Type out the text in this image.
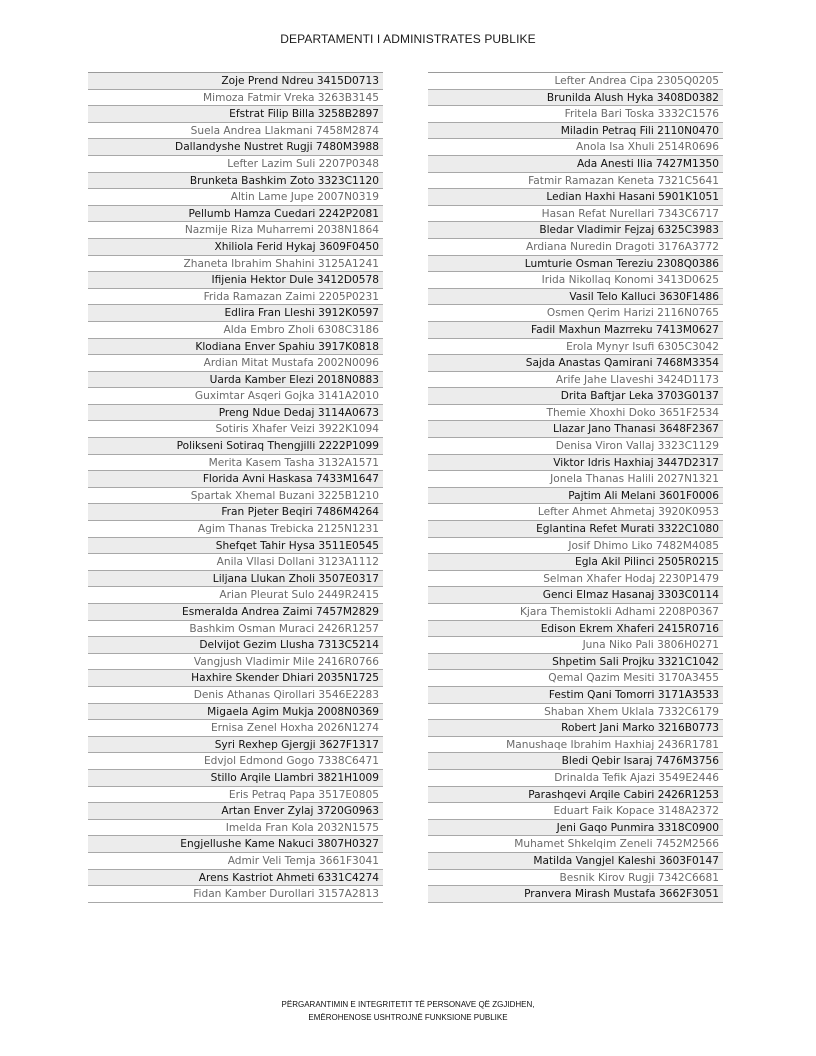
DEPARTAMENTI I ADMINISTRATES PUBLIKE
Zoje Prend Ndreu 3415D0713
Mimoza Fatmir Vreka 3263B3145
Efstrat Filip Billa 3258B2897
Suela Andrea Llakmani 7458M2874
Dallandyshe Nustret Rugji 7480M3988
Lefter Lazim Suli 2207P0348
Brunketa Bashkim Zoto 3323C1120
Altin Lame Jupe 2007N0319
Pellumb Hamza Cuedari 2242P2081
Nazmije Riza Muharremi 2038N1864
Xhiliola Ferid Hykaj 3609F0450
Zhaneta Ibrahim Shahini 3125A1241
Ifijenia Hektor Dule 3412D0578
Frida Ramazan Zaimi 2205P0231
Edlira Fran Lleshi 3912K0597
Alda Embro Zholi 6308C3186
Klodiana Enver Spahiu 3917K0818
Ardian Mitat Mustafa 2002N0096
Uarda Kamber Elezi 2018N0883
Guximtar Asqeri Gojka 3141A2010
Preng Ndue Dedaj 3114A0673
Sotiris Xhafer Veizi 3922K1094
Polikseni Sotiraq Thengjilli 2222P1099
Merita Kasem Tasha 3132A1571
Florida Avni Haskasa 7433M1647
Spartak Xhemal Buzani 3225B1210
Fran Pjeter Beqiri 7486M4264
Agim Thanas Trebicka 2125N1231
Shefqet Tahir Hysa 3511E0545
Anila Vllasi Dollani 3123A1112
Liljana Llukan Zholi 3507E0317
Arian Pleurat Sulo 2449R2415
Esmeralda Andrea Zaimi 7457M2829
Bashkim Osman Muraci 2426R1257
Delvijot Gezim Llusha 7313C5214
Vangjush Vladimir Mile 2416R0766
Haxhire Skender Dhiari 2035N1725
Denis Athanas Qirollari 3546E2283
Migaela Agim Mukja 2008N0369
Ernisa Zenel Hoxha 2026N1274
Syri Rexhep Gjergji 3627F1317
Edvjol Edmond Gogo 7338C6471
Stillo Arqile Llambri 3821H1009
Eris Petraq Papa 3517E0805
Artan Enver Zylaj 3720G0963
Imelda Fran Kola 2032N1575
Engjellushe Kame Nakuci 3807H0327
Admir Veli Temja 3661F3041
Arens Kastriot Ahmeti 6331C4274
Fidan Kamber Durollari 3157A2813
Lefter Andrea Cipa 2305Q0205
Brunilda Alush Hyka 3408D0382
Fritela Bari Toska 3332C1576
Miladin Petraq Fili 2110N0470
Anola Isa Xhuli 2514R0696
Ada Anesti Ilia 7427M1350
Fatmir Ramazan Keneta 7321C5641
Ledian Haxhi Hasani 5901K1051
Hasan Refat Nurellari 7343C6717
Bledar Vladimir Fejzaj 6325C3983
Ardiana Nuredin Dragoti 3176A3772
Lumturie Osman Tereziu 2308Q0386
Irida Nikollaq Konomi 3413D0625
Vasil Telo Kalluci 3630F1486
Osmen Qerim Harizi 2116N0765
Fadil Maxhun Mazrreku 7413M0627
Erola Mynyr Isufi 6305C3042
Sajda Anastas Qamirani 7468M3354
Arife Jahe Llaveshi 3424D1173
Drita Baftjar Leka 3703G0137
Themie Xhoxhi Doko 3651F2534
Llazar Jano Thanasi 3648F2367
Denisa Viron Vallaj 3323C1129
Viktor Idris Haxhiaj 3447D2317
Jonela Thanas Halili 2027N1321
Pajtim Ali Melani 3601F0006
Lefter Ahmet Ahmetaj 3920K0953
Eglantina Refet Murati 3322C1080
Josif Dhimo Liko 7482M4085
Egla Akil Pilinci 2505R0215
Selman Xhafer Hodaj 2230P1479
Genci Elmaz Hasanaj 3303C0114
Kjara Themistokli Adhami 2208P0367
Edison Ekrem Xhaferi 2415R0716
Juna Niko Pali 3806H0271
Shpetim Sali Projku 3321C1042
Qemal Qazim Mesiti 3170A3455
Festim Qani Tomorri 3171A3533
Shaban Xhem Uklala 7332C6179
Robert Jani Marko 3216B0773
Manushaqe Ibrahim Haxhiaj 2436R1781
Bledi Qebir Isaraj 7476M3756
Drinalda Tefik Ajazi 3549E2446
Parashqevi Arqile Cabiri 2426R1253
Eduart Faik Kopace 3148A2372
Jeni Gaqo Punmira 3318C0900
Muhamet Shkelqim Zeneli 7452M2566
Matilda Vangjel Kaleshi 3603F0147
Besnik Kirov Rugji 7342C6681
Pranvera Mirash Mustafa 3662F3051
PËRGARANTIMIN E INTEGRITETIT TË PERSONAVE QË ZGJIDHEN,
EMËROHENOSE USHTROJNË FUNKSIONE PUBLIKE
